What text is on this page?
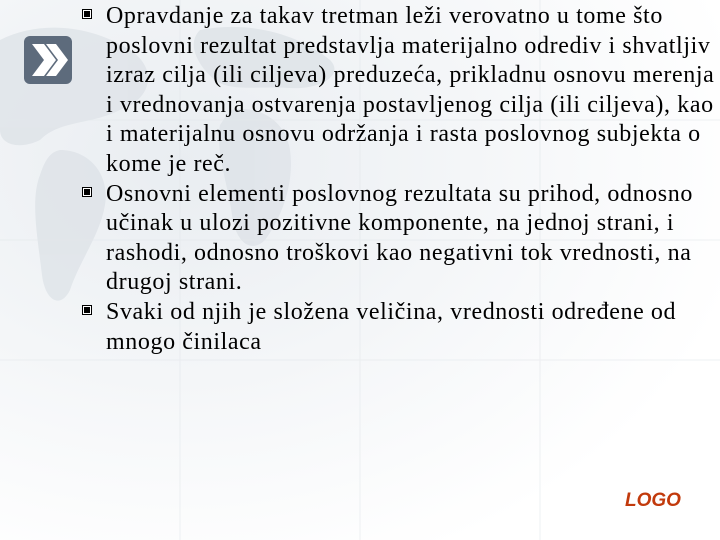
Opravdanje za takav tretman leži verovatno u tome što poslovni rezultat predstavlja materijalno odrediv i shvatljiv izraz cilja (ili ciljeva) preduzeća, prikladnu osnovu merenja i vrednovanja ostvarenja postavljenog cilja (ili ciljeva), kao i materijalnu osnovu održanja i rasta poslovnog subjekta o kome je reč.

Osnovni elementi poslovnog rezultata su prihod, odnosno učinak u ulozi pozitivne komponente, na jednoj strani, i rashodi, odnosno troškovi kao negativni tok vrednosti, na drugoj strani.

Svaki od njih je složena veličina, vrednosti određene od mnogo činilaca

LOGO
